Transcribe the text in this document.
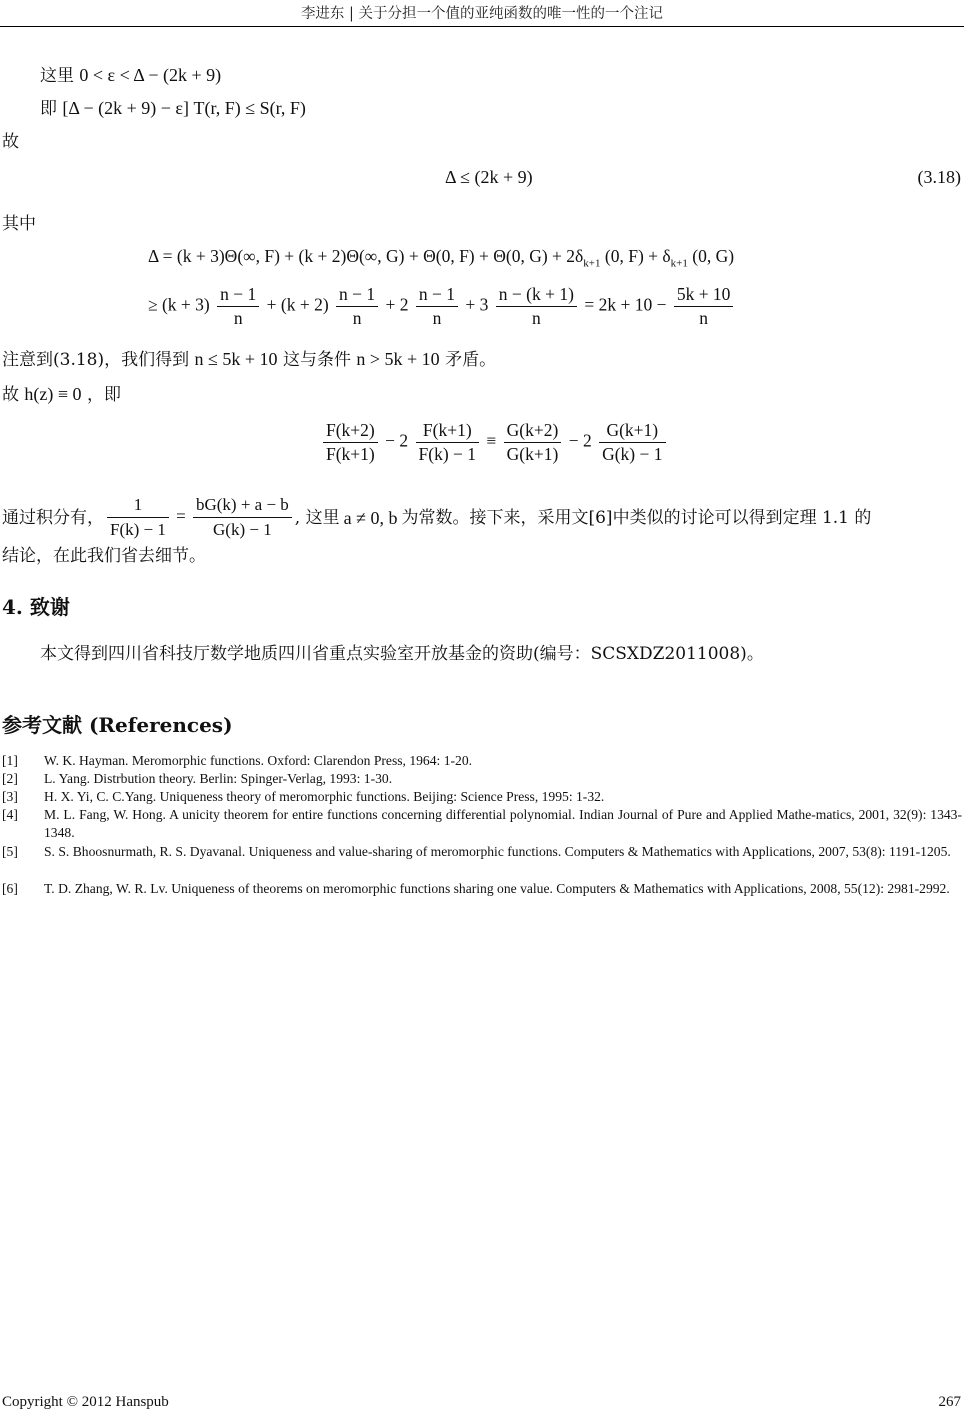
李进东 | 关于分担一个值的亚纯函数的唯一性的一个注记
这里 0 < ε < Δ − (2k + 9)
即 [Δ − (2k + 9) − ε] T(r, F) ≤ S(r, F)
故
Δ ≤ (2k + 9)	(3.18)
其中
Δ = (k + 3)Θ(∞, F) + (k + 2)Θ(∞, G) + Θ(0, F) + Θ(0, $G) + 2\delta_{k+1}$ (0, $F) + \delta_{k+1}$ (0, G)
≥ $(k + 3) \frac{n - 1}{n} + (k + 2) \frac{n - 1}{n} + 2 \frac{n - 1}{n} + 3 \frac{n - (k + 1)}{n} = 2k + 10 - \frac{5k + 10}{n}$
注意到(3.18)，我们得到 n ≤ 5k + 10 这与条件 n > 5k + 10 矛盾。
故 h(z) ≡ 0 ，即
$\frac{F(k+2)}{F(k+1)} - 2 \frac{F(k+1)}{F(k) - 1} \equiv \frac{G(k+2)}{G(k+1)} - 2 \frac{G(k+1)}{G(k) - 1}$
通过积分有， $\frac{1}{F(k) - 1} = \frac{bG(k) + a - b}{G(k) - 1}$ , 这里 a ≠ 0, b 为常数。接下来，采用文[6]中类似的讨论可以得到定理 1.1 的
结论，在此我们省去细节。
4. 致谢
本文得到四川省科技厅数学地质四川省重点实验室开放基金的资助(编号：SCSXDZ2011008)。
参考文献 (References)
[1] W. K. Hayman. Meromorphic functions. Oxford: Clarendon Press, 1964: 1-20.
[2] L. Yang. Distrbution theory. Berlin: Spinger-Verlag, 1993: 1-30.
[3] H. X. Yi, C. C.Yang. Uniqueness theory of meromorphic functions. Beijing: Science Press, 1995: 1-32.
[4] M. L. Fang, W. Hong. A unicity theorem for entire functions concerning differential polynomial. Indian Journal of Pure and Applied Mathe-matics, 2001, 32(9): 1343-1348.
[5] S. S. Bhoosnurmath, R. S. Dyavanal. Uniqueness and value-sharing of meromorphic functions. Computers & Mathematics with Applications, 2007, 53(8): 1191-1205.
[6] T. D. Zhang, W. R. Lv. Uniqueness of theorems on meromorphic functions sharing one value. Computers & Mathematics with Applications, 2008, 55(12): 2981-2992.
Copyright © 2012 Hanspub	267
